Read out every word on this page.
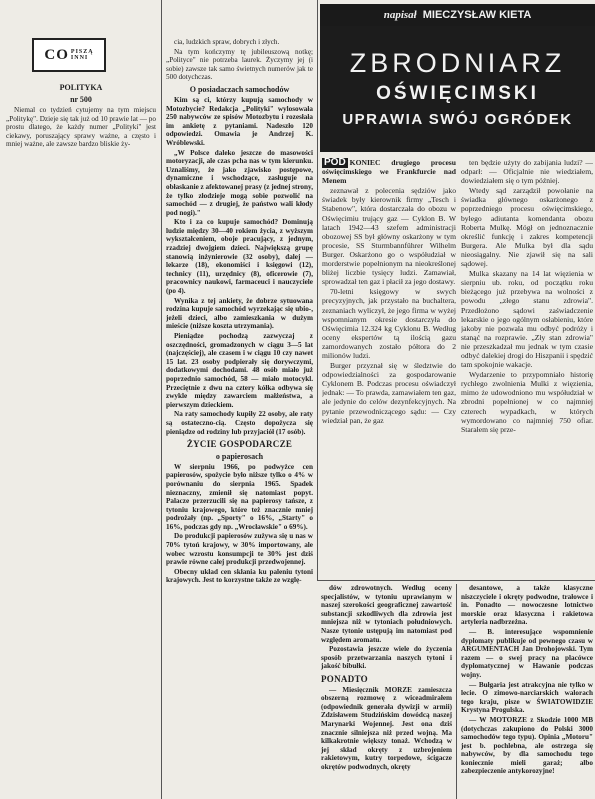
CO PISZĄ
INNI
POLITYKA
nr 500

Niemal co tydzień cytujemy na tym miejscu „Politykę". Dzieje się tak już od 10 prawie lat — po prostu dlatego, że każdy numer „Polityki" jest ciekawy, poruszający sprawy ważne, a często i mniej ważne, ale zawsze bardzo bliskie ży-

cia, ludzkich spraw, dobrych i złych.

Na tym kończymy tę jubileuszową notkę; „Polityce" nie potrzeba laurek. Życzymy jej (i sobie) zawsze tak samo świetnych numerów jak te 500 dotychczas.

O posiadaczach samochodów

Kim są ci, którzy kupują samochody w Motozbycie? Redakcja „Polityki" wylosowała 250 nabywców ze spisów Motozbytu i rozesłała im ankietę z pytaniami. Nadeszło 120 odpowiedzi. Omawia je Andrzej K. Wróblewski.

„W Polsce daleko jeszcze do masowości motoryzacji, ale czas pcha nas w tym kierunku. Uznaliśmy, że jako zjawisko postępowe, dynamiczne i wschodzące, zasługuje na obłaskanie z afektowanej prasy (z jednej strony, że tylko złodzieje mogą sobie pozwolić na samochód — z drugiej, że państwo wali kłody pod nogi)."

Kto i za co kupuje samochód? Dominują ludzie między 30—40 rokiem życia, z wyższym wykształceniem, oboje pracujący, z jednym, rzadziej dwojgiem dzieci. Największą grupę stanowią inżynierowie (32 osoby), dalej — lekarze (18), ekonomiści i księgowi (12), technicy (11), urzędnicy (8), oficerowie (7), pracownicy naukowi, farmaceuci i nauczyciele (po 4).

Wynika z tej ankiety, że dobrze sytuowana rodzina kupuje samochód wyrzekając się ubio-, jeżeli dzieci, albo zamieszkania w dużym mieście (niższe koszta utrzymania).

Pieniądze pochodzą zazwyczaj z oszczędności, gromadzonych w ciągu 3—5 lat (najczęściej), ale czasem i w ciągu 10 czy nawet 15 lat. 23 osoby podpierały się dorywczymi, dodatkowymi dochodami. 48 osób miało już poprzednio samochód, 58 — miało motocykl. Przeciętnie z dwu na cztery kółka odbywa się zwykle między zawarciem małżeństwa, a pierwszym dzieckiem.

Na raty samochody kupiły 22 osoby, ale raty są ostateczno-cią. Często dopożycza się pieniądze od rodziny lub przyjaciół (17 osób).

ŻYCIE GOSPODARCZE
o papierosach

W sierpniu 1966, po podwyżce cen papierosów, spożycie było niższe tylko o 4% w porównaniu do sierpnia 1965. Spadek nieznaczny, zmienił się natomiast popyt. Palacze przerzucili się na papierosy tańsze, z tytoniu krajowego, które też znacznie mniej podrożały (np. „Sporty" o 16%, „Starty" o 16%, podczas gdy np. „Wrocławskie" o 69%).

Do produkcji papierosów zużywa się u nas w 70% tytoń krajowy, w 30% importowany, ale wobec wzrostu konsumpcji te 30% jest dziś prawie równe całej produkcji przedwojennej.

Obecny układ cen skłania ku paleniu tytoni krajowych. Jest to korzystne także ze wzglę-

napisał MIECZYSŁAW KIETA
ZBRODNIARZ
OŚWIĘCIMSKI
UPRAWIA SWÓJ OGRÓDEK

POD KONIEC drugiego procesu oświęcimskiego we Frankfurcie nad Menem

zeznawał z polecenia sędziów jako świadek były kierownik firmy „Tesch i Stabenow", która dostarczała do obozu w Oświęcimiu trujący gaz — Cyklon B. W latach 1942—43 szefem administracji obozowej SS był główny oskarżony w tym procesie, SS Sturmbannführer Wilhelm Burger. Oskarżono go o współudział w morderstwie popełnionym na nieokreślonej bliżej liczbie tysięcy ludzi. Zamawiał, sprowadzał ten gaz i płacił za jego dostawy.

70-letni księgowy w swych precyzyjnych, jak przystało na buchaltera, zeznaniach wyliczył, że jego firma w wyżej wspomnianym okresie dostarczyła do Oświęcimia 12.324 kg Cyklonu B. Według oceny ekspertów tą ilością gazu zamordowanych zostało półtora do 2 milionów ludzi.

Burger przyznał się w śledztwie do odpowiedzialności za gospodarowanie Cyklonem B. Podczas procesu oświadczył jednak: — To prawda, zamawiałem ten gaz, ale jedynie do celów dezynfekcyjnych. Na pytanie przewodniczącego sądu: — Czy wiedział pan, że gaz

ten będzie użyty do zabijania ludzi? — odparł: — Oficjalnie nie wiedziałem, dowiedziałem się o tym później.

Wtedy sąd zarządził powołanie na świadka głównego oskarżonego z poprzedniego procesu oświęcimskiego, byłego adiutanta komendanta obozu Roberta Mulkę. Mógł on jednoznacznie określić funkcję i zakres kompetencji Burgera. Ale Mulka był dla sądu nieosiągalny. Nie zjawił się na sali sądowej.

Mulka skazany na 14 lat więzienia w sierpniu ub. roku, od początku roku bieżącego już przebywa na wolności z powodu „złego stanu zdrowia". Przedłożono sądowi zaświadczenie lekarskie o jego ogólnym osłabieniu, które jakoby nie pozwala mu odbyć podróży i stanąć na rozprawie. „Zły stan zdrowia" nie przeszkadzał mu jednak w tym czasie odbyć dalekiej drogi do Hiszpanii i spędzić tam spokojnie wakacje.

Wydarzenie to przypomniało historię rychłego zwolnienia Mulki z więzienia, mimo że udowodniono mu współudział w zbrodni popełnionej w co najmniej czterech wypadkach, w których wymordowano co najmniej 750 ofiar. Starałem się prze-

dów zdrowotnych. Według oceny specjalistów, w tytoniu uprawianym w naszej szerokości geograficznej zawartość substancji szkodliwych dla zdrowia jest mniejsza niż w tytoniach południowych. Nasze tytonie ustępują im natomiast pod względem aromatu.

Pozostawia jeszcze wiele do życzenia sposób przetwarzania naszych tytoni i jakość bibułki.

PONADTO

— Miesięcznik MORZE zamieszcza obszerną rozmowę z wiceadmirałem (odpowiednik generała dywizji w armii) Zdzisławem Studzińskim dowódcą naszej Marynarki Wojennej. Jest ona dziś znacznie silniejsza niż przed wojną. Ma kilkakrotnie większy tonaż. Wchodzą w jej skład okręty z uzbrojeniem rakietowym, kutry torpedowe, ścigacze okrętów podwodnych, okręty

desantowe, a także klasyczne niszczyciele i okręty podwodne, trałowce i in. Ponadto — nowoczesne lotnictwo morskie oraz klasyczna i rakietowa artyleria nadbrzeżna.

— B. interesujące wspomnienie dyplomaty publikuje od pewnego czasu w ARGUMENTACH Jan Drohojowski. Tym razem — o swej pracy na placówce dyplomatycznej w Hawanie podczas wojny.

— Bułgaria jest atrakcyjna nie tylko w lecie. O zimowo-narciarskich walorach tego kraju, pisze w ŚWIATOWIDZIE Krystyna Progulska.

— W MOTORZE z Skodzie 1000 MB (dotychczas zakupiono do Polski 3000 samochodów tego typu). Opinia „Motoru" jest b. pochlebna, ale ostrzega się nabywców, by dla samochodu tego koniecznie mieli garaż; albo zabezpieczenie antykorozyjne!
